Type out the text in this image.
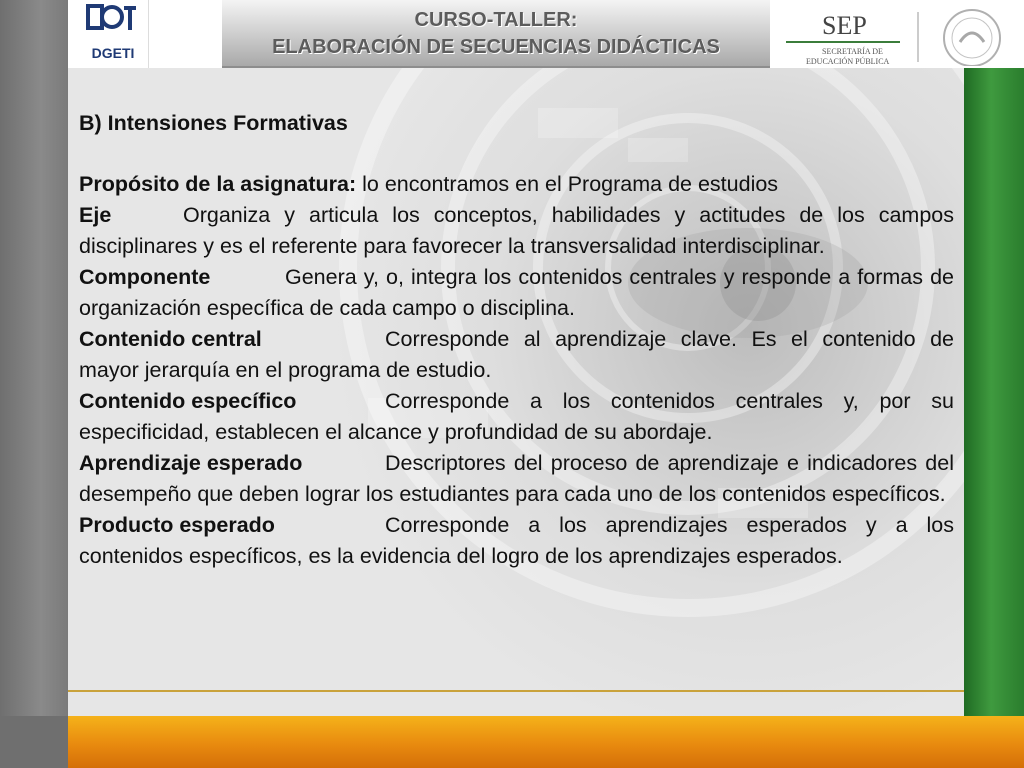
DGETI
CURSO-TALLER:
ELABORACIÓN DE SECUENCIAS DIDÁCTICAS
SEP
SECRETARÍA DE
EDUCACIÓN PÚBLICA

B) Intensiones Formativas

Propósito de la asignatura: lo encontramos en el Programa de estudios

Eje	Organiza y articula los conceptos, habilidades y actitudes de los campos disciplinares y es el referente para favorecer la transversalidad interdisciplinar.

Componente	Genera y, o, integra los contenidos centrales y responde a formas de organización específica de cada campo o disciplina.

Contenido central	Corresponde al aprendizaje clave. Es el contenido de mayor jerarquía en el programa de estudio.

Contenido específico	Corresponde a los contenidos centrales y, por su especificidad, establecen el alcance y profundidad de su abordaje.

Aprendizaje esperado	Descriptores del proceso de aprendizaje e indicadores del desempeño que deben lograr los estudiantes para cada uno de los contenidos específicos.

Producto esperado	Corresponde a los aprendizajes esperados y a los contenidos específicos, es la evidencia del logro de los aprendizajes esperados.
